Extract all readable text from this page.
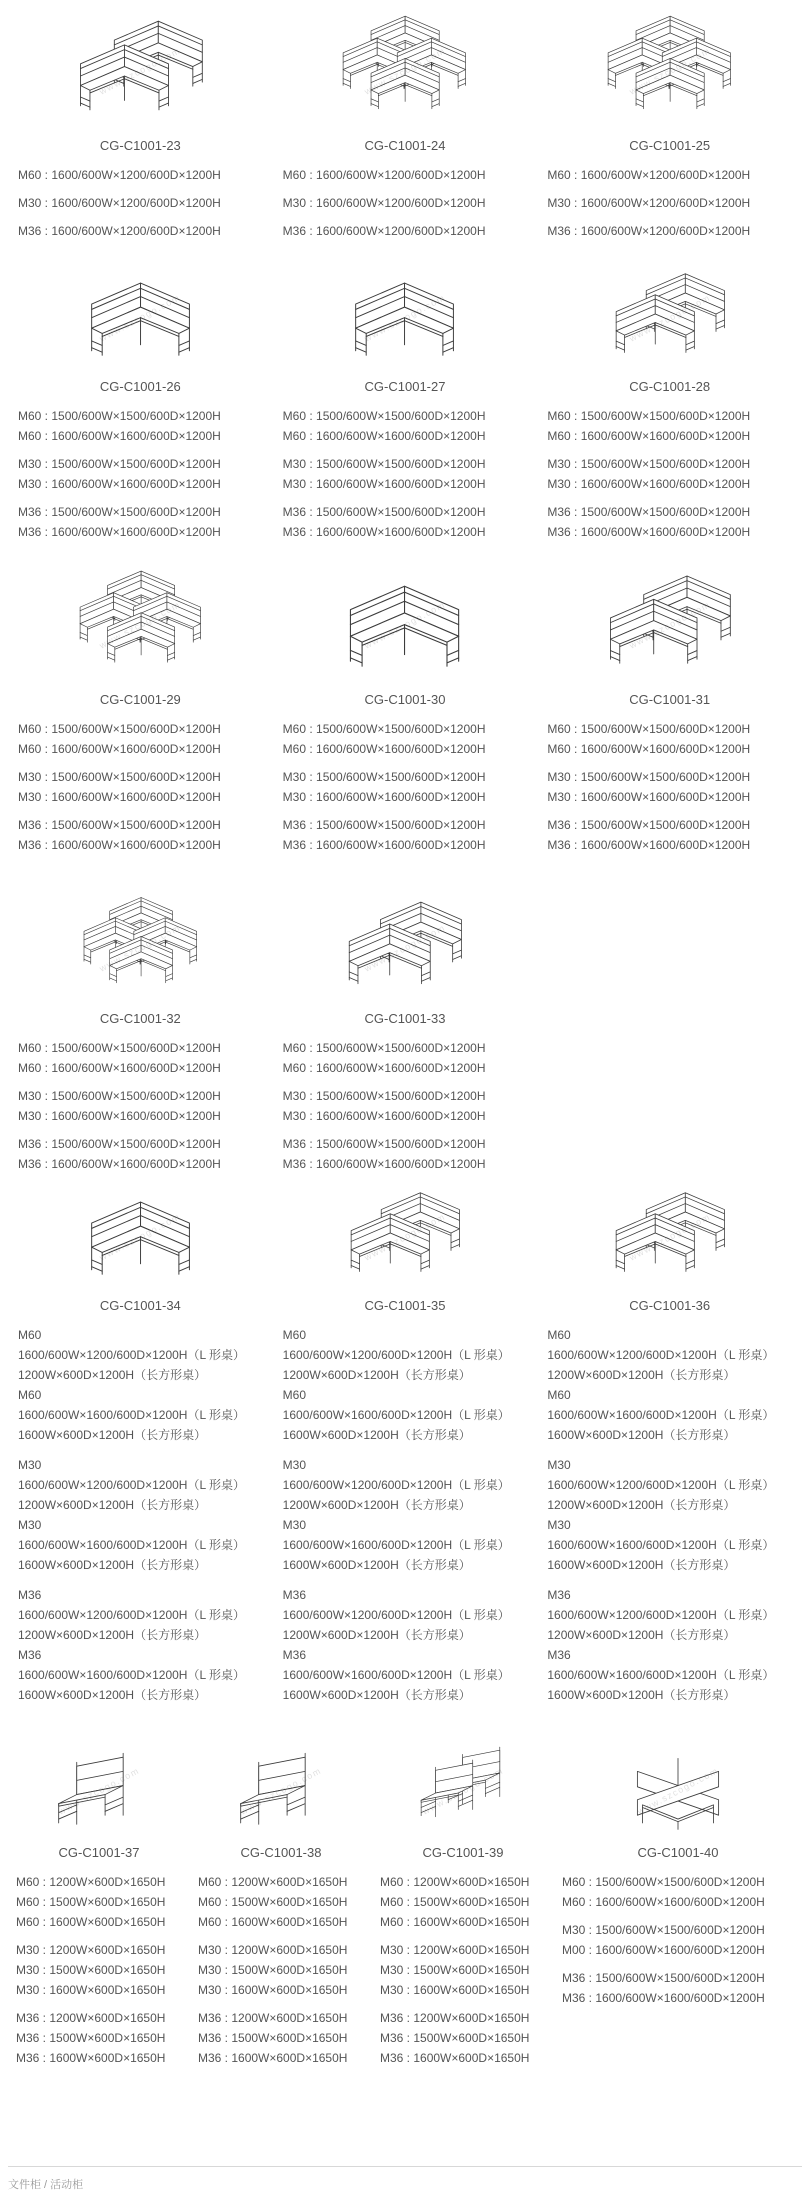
www.szcogo.com
CG-C1001-23
M60 : 1600/600W×1200/600D×1200H
M30 : 1600/600W×1200/600D×1200H
M36 : 1600/600W×1200/600D×1200H
www.szcogo.com
CG-C1001-24
M60 : 1600/600W×1200/600D×1200H
M30 : 1600/600W×1200/600D×1200H
M36 : 1600/600W×1200/600D×1200H
www.szcogo.com
CG-C1001-25
M60 : 1600/600W×1200/600D×1200H
M30 : 1600/600W×1200/600D×1200H
M36 : 1600/600W×1200/600D×1200H
www.szcogo.com
CG-C1001-26
M60 : 1500/600W×1500/600D×1200H
M60 : 1600/600W×1600/600D×1200H
M30 : 1500/600W×1500/600D×1200H
M30 : 1600/600W×1600/600D×1200H
M36 : 1500/600W×1500/600D×1200H
M36 : 1600/600W×1600/600D×1200H
www.szcogo.com
CG-C1001-27
M60 : 1500/600W×1500/600D×1200H
M60 : 1600/600W×1600/600D×1200H
M30 : 1500/600W×1500/600D×1200H
M30 : 1600/600W×1600/600D×1200H
M36 : 1500/600W×1500/600D×1200H
M36 : 1600/600W×1600/600D×1200H
www.szcogo.com
CG-C1001-28
M60 : 1500/600W×1500/600D×1200H
M60 : 1600/600W×1600/600D×1200H
M30 : 1500/600W×1500/600D×1200H
M30 : 1600/600W×1600/600D×1200H
M36 : 1500/600W×1500/600D×1200H
M36 : 1600/600W×1600/600D×1200H
www.szcogo.com
CG-C1001-29
M60 : 1500/600W×1500/600D×1200H
M60 : 1600/600W×1600/600D×1200H
M30 : 1500/600W×1500/600D×1200H
M30 : 1600/600W×1600/600D×1200H
M36 : 1500/600W×1500/600D×1200H
M36 : 1600/600W×1600/600D×1200H
www.szcogo.com
CG-C1001-30
M60 : 1500/600W×1500/600D×1200H
M60 : 1600/600W×1600/600D×1200H
M30 : 1500/600W×1500/600D×1200H
M30 : 1600/600W×1600/600D×1200H
M36 : 1500/600W×1500/600D×1200H
M36 : 1600/600W×1600/600D×1200H
www.szcogo.com
CG-C1001-31
M60 : 1500/600W×1500/600D×1200H
M60 : 1600/600W×1600/600D×1200H
M30 : 1500/600W×1500/600D×1200H
M30 : 1600/600W×1600/600D×1200H
M36 : 1500/600W×1500/600D×1200H
M36 : 1600/600W×1600/600D×1200H
www.szcogo.com
CG-C1001-32
M60 : 1500/600W×1500/600D×1200H
M60 : 1600/600W×1600/600D×1200H
M30 : 1500/600W×1500/600D×1200H
M30 : 1600/600W×1600/600D×1200H
M36 : 1500/600W×1500/600D×1200H
M36 : 1600/600W×1600/600D×1200H
www.szcogo.com
CG-C1001-33
M60 : 1500/600W×1500/600D×1200H
M60 : 1600/600W×1600/600D×1200H
M30 : 1500/600W×1500/600D×1200H
M30 : 1600/600W×1600/600D×1200H
M36 : 1500/600W×1500/600D×1200H
M36 : 1600/600W×1600/600D×1200H
www.szcogo.com
CG-C1001-34
M60
1600/600W×1200/600D×1200H（L 形桌）
1200W×600D×1200H（长方形桌）
M60
1600/600W×1600/600D×1200H（L 形桌）
1600W×600D×1200H（长方形桌）
M30
1600/600W×1200/600D×1200H（L 形桌）
1200W×600D×1200H（长方形桌）
M30
1600/600W×1600/600D×1200H（L 形桌）
1600W×600D×1200H（长方形桌）
M36
1600/600W×1200/600D×1200H（L 形桌）
1200W×600D×1200H（长方形桌）
M36
1600/600W×1600/600D×1200H（L 形桌）
1600W×600D×1200H（长方形桌）
www.szcogo.com
CG-C1001-35
M60
1600/600W×1200/600D×1200H（L 形桌）
1200W×600D×1200H（长方形桌）
M60
1600/600W×1600/600D×1200H（L 形桌）
1600W×600D×1200H（长方形桌）
M30
1600/600W×1200/600D×1200H（L 形桌）
1200W×600D×1200H（长方形桌）
M30
1600/600W×1600/600D×1200H（L 形桌）
1600W×600D×1200H（长方形桌）
M36
1600/600W×1200/600D×1200H（L 形桌）
1200W×600D×1200H（长方形桌）
M36
1600/600W×1600/600D×1200H（L 形桌）
1600W×600D×1200H（长方形桌）
www.szcogo.com
CG-C1001-36
M60
1600/600W×1200/600D×1200H（L 形桌）
1200W×600D×1200H（长方形桌）
M60
1600/600W×1600/600D×1200H（L 形桌）
1600W×600D×1200H（长方形桌）
M30
1600/600W×1200/600D×1200H（L 形桌）
1200W×600D×1200H（长方形桌）
M30
1600/600W×1600/600D×1200H（L 形桌）
1600W×600D×1200H（长方形桌）
M36
1600/600W×1200/600D×1200H（L 形桌）
1200W×600D×1200H（长方形桌）
M36
1600/600W×1600/600D×1200H（L 形桌）
1600W×600D×1200H（长方形桌）
www.szcogo.com
CG-C1001-37
M60 : 1200W×600D×1650H
M60 : 1500W×600D×1650H
M60 : 1600W×600D×1650H
M30 : 1200W×600D×1650H
M30 : 1500W×600D×1650H
M30 : 1600W×600D×1650H
M36 : 1200W×600D×1650H
M36 : 1500W×600D×1650H
M36 : 1600W×600D×1650H
www.szcogo.com
CG-C1001-38
M60 : 1200W×600D×1650H
M60 : 1500W×600D×1650H
M60 : 1600W×600D×1650H
M30 : 1200W×600D×1650H
M30 : 1500W×600D×1650H
M30 : 1600W×600D×1650H
M36 : 1200W×600D×1650H
M36 : 1500W×600D×1650H
M36 : 1600W×600D×1650H
www.szcogo.com
CG-C1001-39
M60 : 1200W×600D×1650H
M60 : 1500W×600D×1650H
M60 : 1600W×600D×1650H
M30 : 1200W×600D×1650H
M30 : 1500W×600D×1650H
M30 : 1600W×600D×1650H
M36 : 1200W×600D×1650H
M36 : 1500W×600D×1650H
M36 : 1600W×600D×1650H
www.szcogo.com
CG-C1001-40
M60 : 1500/600W×1500/600D×1200H
M60 : 1600/600W×1600/600D×1200H
M30 : 1500/600W×1500/600D×1200H
M00 : 1600/600W×1600/600D×1200H
M36 : 1500/600W×1500/600D×1200H
M36 : 1600/600W×1600/600D×1200H
文件柜 / 活动柜
